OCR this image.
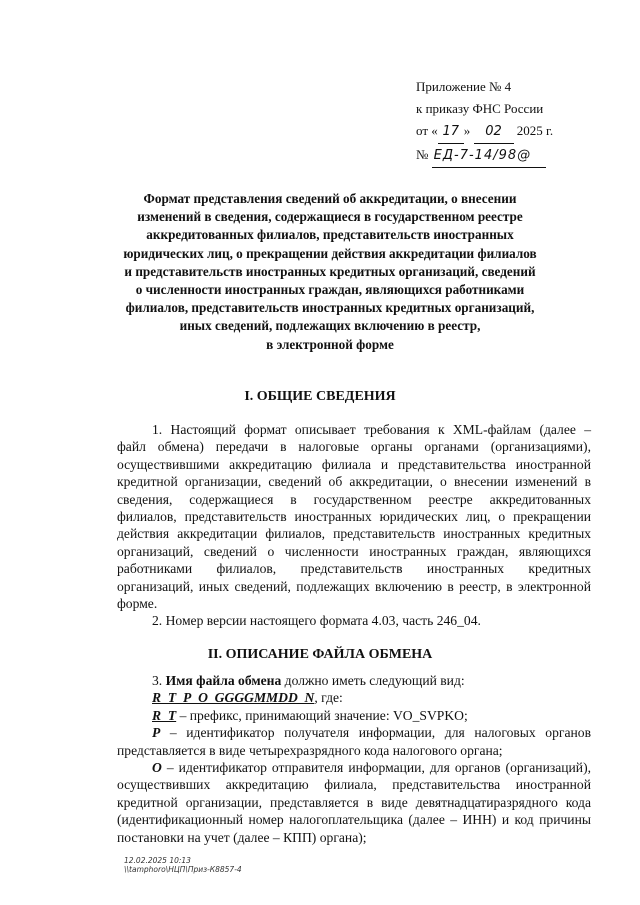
Приложение № 4
к приказу ФНС России
от « 17 » 02 2025 г.
№ ЕД-7-14/98@
Формат представления сведений об аккредитации, о внесении
изменений в сведения, содержащиеся в государственном реестре
аккредитованных филиалов, представительств иностранных
юридических лиц, о прекращении действия аккредитации филиалов
и представительств иностранных кредитных организаций, сведений
о численности иностранных граждан, являющихся работниками
филиалов, представительств иностранных кредитных организаций,
иных сведений, подлежащих включению в реестр,
в электронной форме
I. ОБЩИЕ СВЕДЕНИЯ

1. Настоящий формат описывает требования к XML-файлам (далее –
файл обмена) передачи в налоговые органы органами (организациями),
осуществившими аккредитацию филиала и представительства иностранной
кредитной организации, сведений об аккредитации, о внесении изменений в
сведения, содержащиеся в государственном реестре аккредитованных
филиалов, представительств иностранных юридических лиц, о прекращении
действия аккредитации филиалов, представительств иностранных кредитных
организаций, сведений о численности иностранных граждан, являющихся
работниками филиалов, представительств иностранных кредитных
организаций, иных сведений, подлежащих включению в реестр, в электронной
форме.

2. Номер версии настоящего формата 4.03, часть 246_04.

II. ОПИСАНИЕ ФАЙЛА ОБМЕНА

3. Имя файла обмена должно иметь следующий вид:

R_T_P_O_GGGGMMDD_N, где:

R_T – префикс, принимающий значение: VO_SVPKO;

P – идентификатор получателя информации, для налоговых органов
представляется в виде четырехразрядного кода налогового органа;

O – идентификатор отправителя информации, для органов (организаций),
осуществивших аккредитацию филиала, представительства иностранной
кредитной организации, представляется в виде девятнадцатиразрядного кода
(идентификационный номер налогоплательщика (далее – ИНН) и код причины
постановки на учет (далее – КПП) органа);

12.02.2025 10:13
\\tamphoro\НЦП\Приз-К8857-4
